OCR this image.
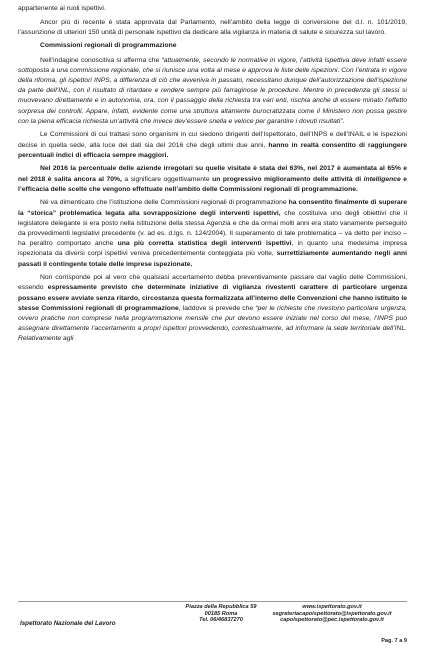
appartenente ai ruoli ispettivi.

Ancor più di recente è stata approvata dal Parlamento, nell’ambito della legge di conversione del d.l. n. 101/2019, l’assunzione di ulteriori 150 unità di personale ispettivo da dedicare alla vigilanza in materia di salute e sicurezza sul lavoro.

Commissioni regionali di programmazione

Nell’indagine conoscitiva si afferma che “attualmente, secondo le normative in vigore, l’attività ispettiva deve infatti essere sottoposta a una commissione regionale, che si riunisce una volta al mese e approva le liste delle ispezioni. Con l’entrata in vigore della riforma, gli ispettori INPS, a differenza di ciò che avveniva in passato, necessitano dunque dell’autorizzazione dell’ispezione da parte dell’INL, con il risultato di ritardare e rendere sempre più farraginose le procedure. Mentre in precedenza gli stessi si muovevano direttamente e in autonomia, ora, con il passaggio della richiesta tra vari enti, rischia anche di essere minato l’effetto sorpresa dei controlli. Appare, infatti, evidente come una struttura altamente burocratizzata come il Ministero non possa gestire con la piena efficacia richiesta un’attività che invece dev’essere snella e veloce per garantire i dovuti risultati”.

Le Commissioni di cui trattasi sono organismi in cui siedono dirigenti dell’Ispettorato, dell’INPS e dell’INAIL e le ispezioni decise in quella sede, alla luce dei dati sia del 2016 che degli ultimi due anni, hanno in realtà consentito di raggiungere percentuali indici di efficacia sempre maggiori.

Nel 2016 la percentuale delle aziende irregolari su quelle visitate è stata del 63%, nel 2017 è aumentata al 65% e nel 2018 è salita ancora al 70%, a significare oggettivamente un progressivo miglioramento delle attività di intelligence e l’efficacia delle scelte che vengono effettuate nell’ambito delle Commissioni regionali di programmazione.

Né va dimenticato che l’istituzione delle Commissioni regionali di programmazione ha consentito finalmente di superare la “storica” problematica legata alla sovrapposizione degli interventi ispettivi, che costituiva uno degli obiettivi che il legislatore delegante si era posto nella istituzione della stessa Agenzia e che da ormai molti anni era stato vanamente perseguito da provvedimenti legislativi precedente (v. ad es. d.lgs. n. 124/2004). Il superamento di tale problematica – va detto per inciso – ha peraltro comportato anche una più corretta statistica degli interventi ispettivi, in quanto una medesima impresa ispezionata da diversi corpi ispettivi veniva precedentemente conteggiata più volte, surrettiziamente aumentando negli anni passati il contingente totale delle imprese ispezionate.

Non corrisponde poi al vero che qualsiasi accertamento debba preventivamente passare dal vaglio delle Commissioni, essendo espressamente previsto che determinate iniziative di vigilanza rivestenti carattere di particolare urgenza possano essere avviate senza ritardo, circostanza questa formalizzata all’interno delle Convenzioni che hanno istituito le stesse Commissioni regionali di programmazione, laddove si prevede che “per le richieste che rivestono particolare urgenza, ovvero pratiche non comprese nella programmazione mensile che pur devono essere iniziate nel corso del mese, l’INPS può assegnare direttamente l’accertamento a propri ispettori provvedendo, contestualmente, ad informare la sede territoriale dell’INL. Relativamente agli

Ispettorato Nazionale del Lavoro
Piazza della Repubblica 59
00185 Roma
Tel. 06/46837270
www.ispettorato.gov.it
segreteriacapoispettorato@ispettorato.gov.it
capoispettorato@pec.ispettorato.gov.it
Pag. 7 a 9
